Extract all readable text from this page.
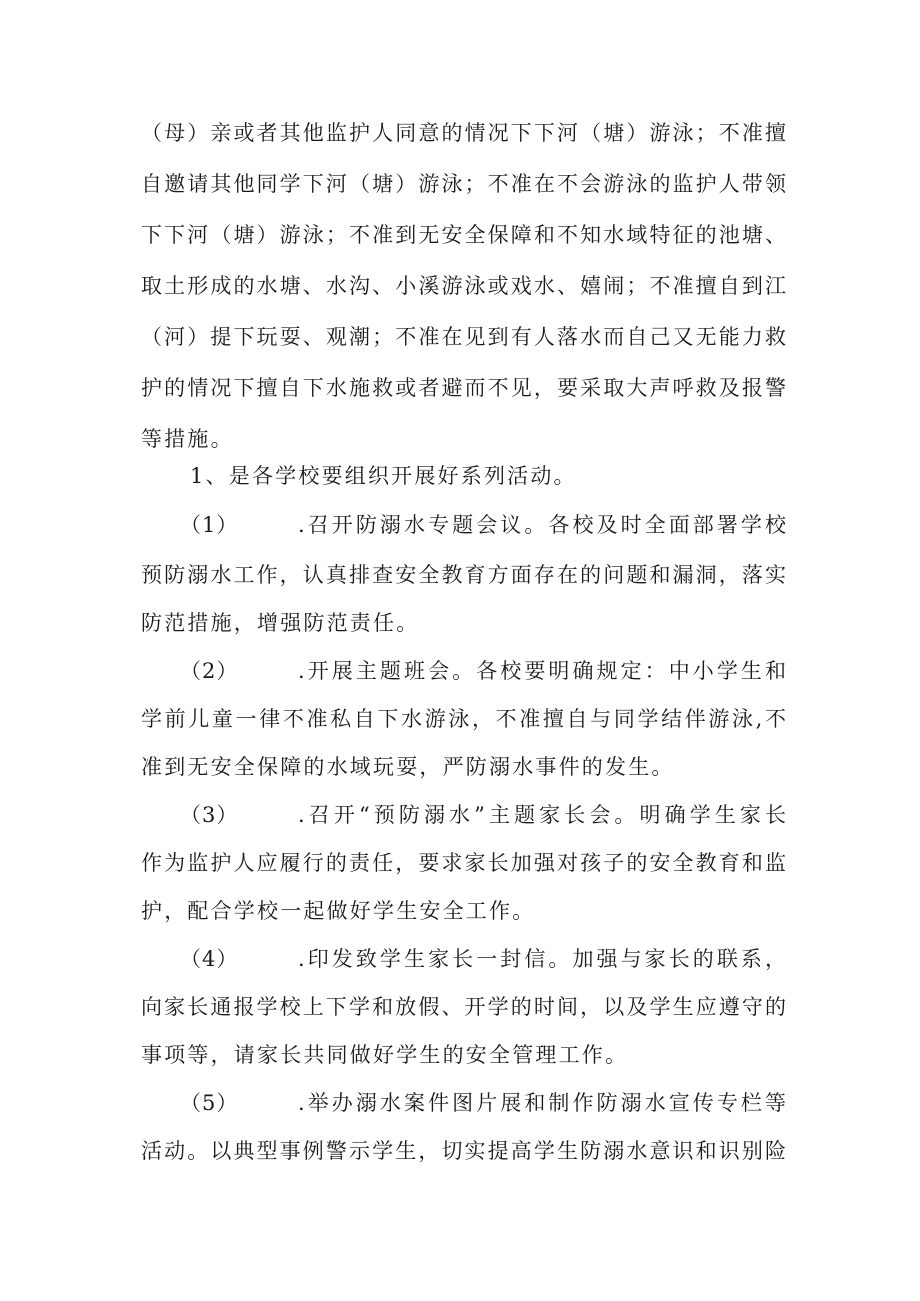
（母）亲或者其他监护人同意的情况下下河（塘）游泳；不准擅
自邀请其他同学下河（塘）游泳；不准在不会游泳的监护人带领
下下河（塘）游泳；不准到无安全保障和不知水域特征的池塘、
取土形成的水塘、水沟、小溪游泳或戏水、嬉闹；不准擅自到江
（河）提下玩耍、观潮；不准在见到有人落水而自己又无能力救
护的情况下擅自下水施救或者避而不见，要采取大声呼救及报警
等措施。
1、是各学校要组织开展好系列活动。
（1）	.召开防溺水专题会议。各校及时全面部署学校
预防溺水工作，认真排查安全教育方面存在的问题和漏洞，落实
防范措施，增强防范责任。
（2）	.开展主题班会。各校要明确规定：中小学生和
学前儿童一律不准私自下水游泳，不准擅自与同学结伴游泳,不
准到无安全保障的水域玩耍，严防溺水事件的发生。
（3）	.召开“预防溺水”主题家长会。明确学生家长
作为监护人应履行的责任，要求家长加强对孩子的安全教育和监
护，配合学校一起做好学生安全工作。
（4）	.印发致学生家长一封信。加强与家长的联系，
向家长通报学校上下学和放假、开学的时间，以及学生应遵守的
事项等，请家长共同做好学生的安全管理工作。
（5）	.举办溺水案件图片展和制作防溺水宣传专栏等
活动。以典型事例警示学生，切实提高学生防溺水意识和识别险
